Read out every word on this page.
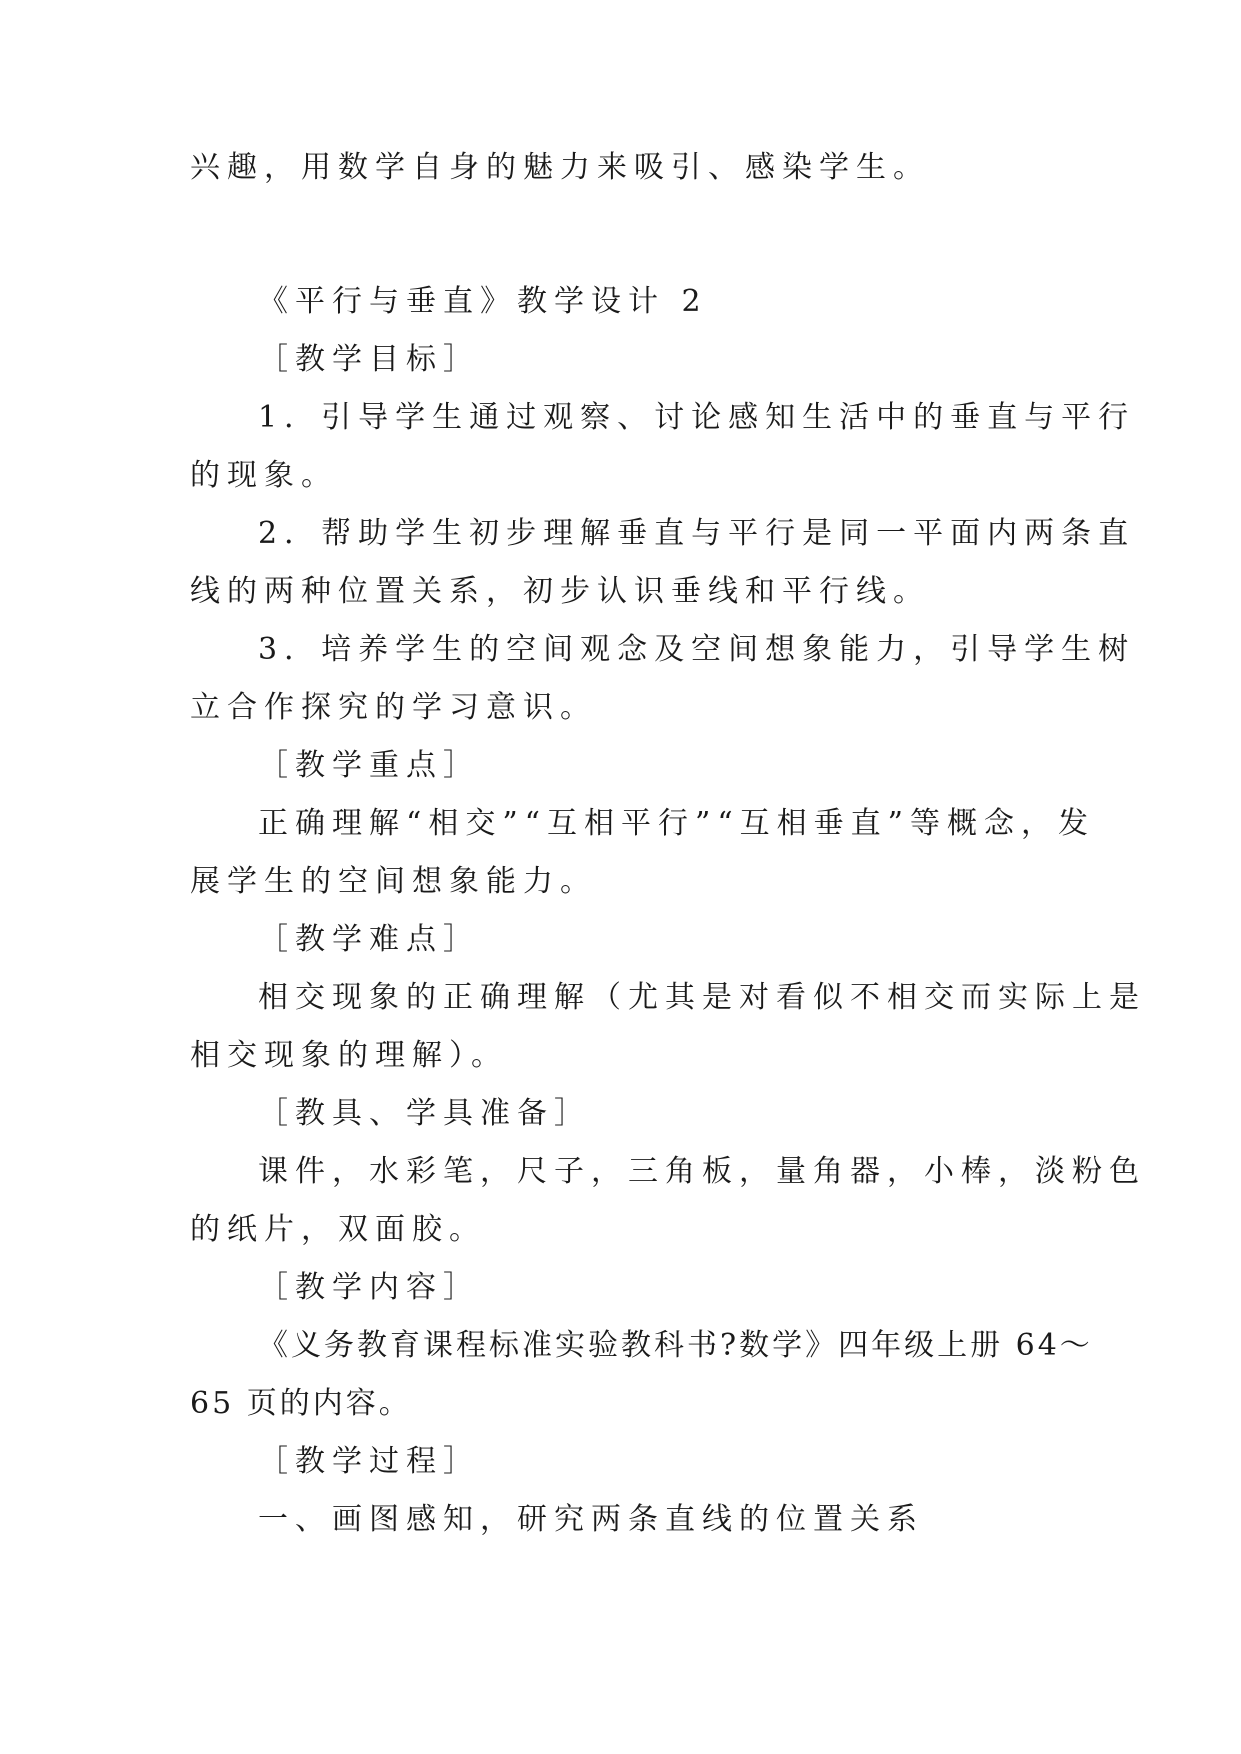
兴趣，用数学自身的魅力来吸引、感染学生。
《平行与垂直》教学设计 2
［教学目标］
1．引导学生通过观察、讨论感知生活中的垂直与平行
的现象。
2．帮助学生初步理解垂直与平行是同一平面内两条直
线的两种位置关系，初步认识垂线和平行线。
3．培养学生的空间观念及空间想象能力，引导学生树
立合作探究的学习意识。
［教学重点］
正确理解“相交”“互相平行”“互相垂直”等概念，发
展学生的空间想象能力。
［教学难点］
相交现象的正确理解（尤其是对看似不相交而实际上是
相交现象的理解）。
［教具、学具准备］
课件，水彩笔，尺子，三角板，量角器，小棒，淡粉色
的纸片，双面胶。
［教学内容］
《义务教育课程标准实验教科书?数学》四年级上册 64～
65 页的内容。
［教学过程］
一、画图感知，研究两条直线的位置关系
